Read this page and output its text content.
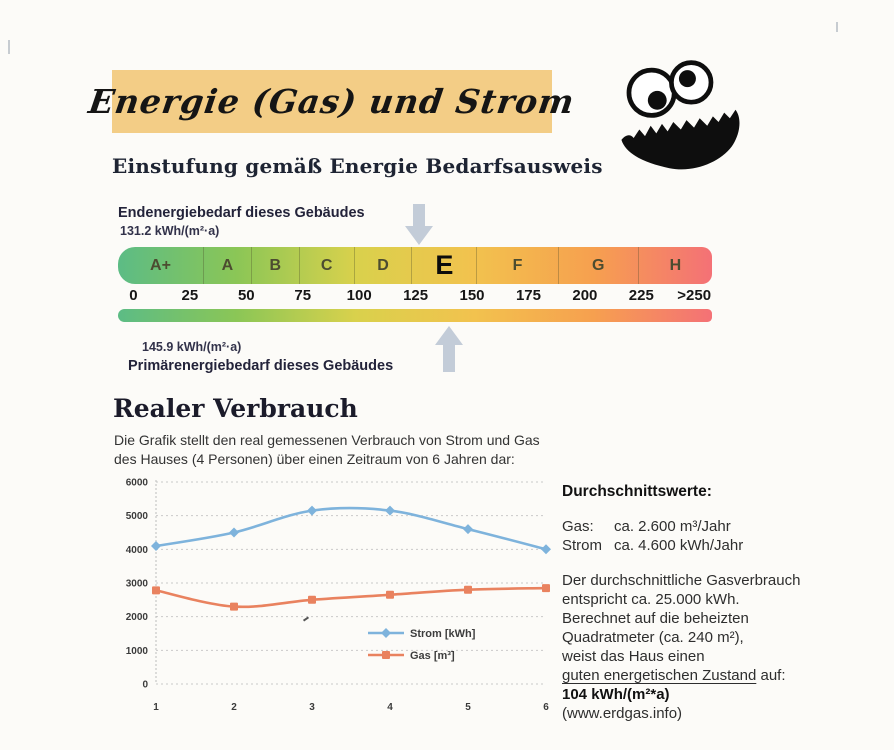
Energie (Gas) und Strom
Einstufung gemäß Energie Bedarfsausweis
Endenergiebedarf dieses Gebäudes
131.2 kWh/(m²·a)
A+	A B C	D E	F	G	H
0	25	50	75 100 125 150 175 200 225 >250
145.9 kWh/(m²·a)
Primärenergiebedarf dieses Gebäudes
Realer Verbrauch
Die Grafik stellt den real gemessenen Verbrauch von Strom und Gas
des Hauses (4 Personen) über einen Zeitraum von 6 Jahren dar:
0
1000
2000
3000
4000
5000
6000
1	2	3	4	5	6
Strom [kWh]
Gas [m³]
Durchschnittswerte:
Gas:	ca. 2.600 m³/Jahr
Strom ca. 4.600 kWh/Jahr
Der durchschnittliche Gasverbrauch
entspricht ca. 25.000 kWh.
Berechnet auf die beheizten
Quadratmeter (ca. 240 m²),
weist das Haus einen
guten energetischen Zustand auf:
104 kWh/(m²*a)
(www.erdgas.info)
